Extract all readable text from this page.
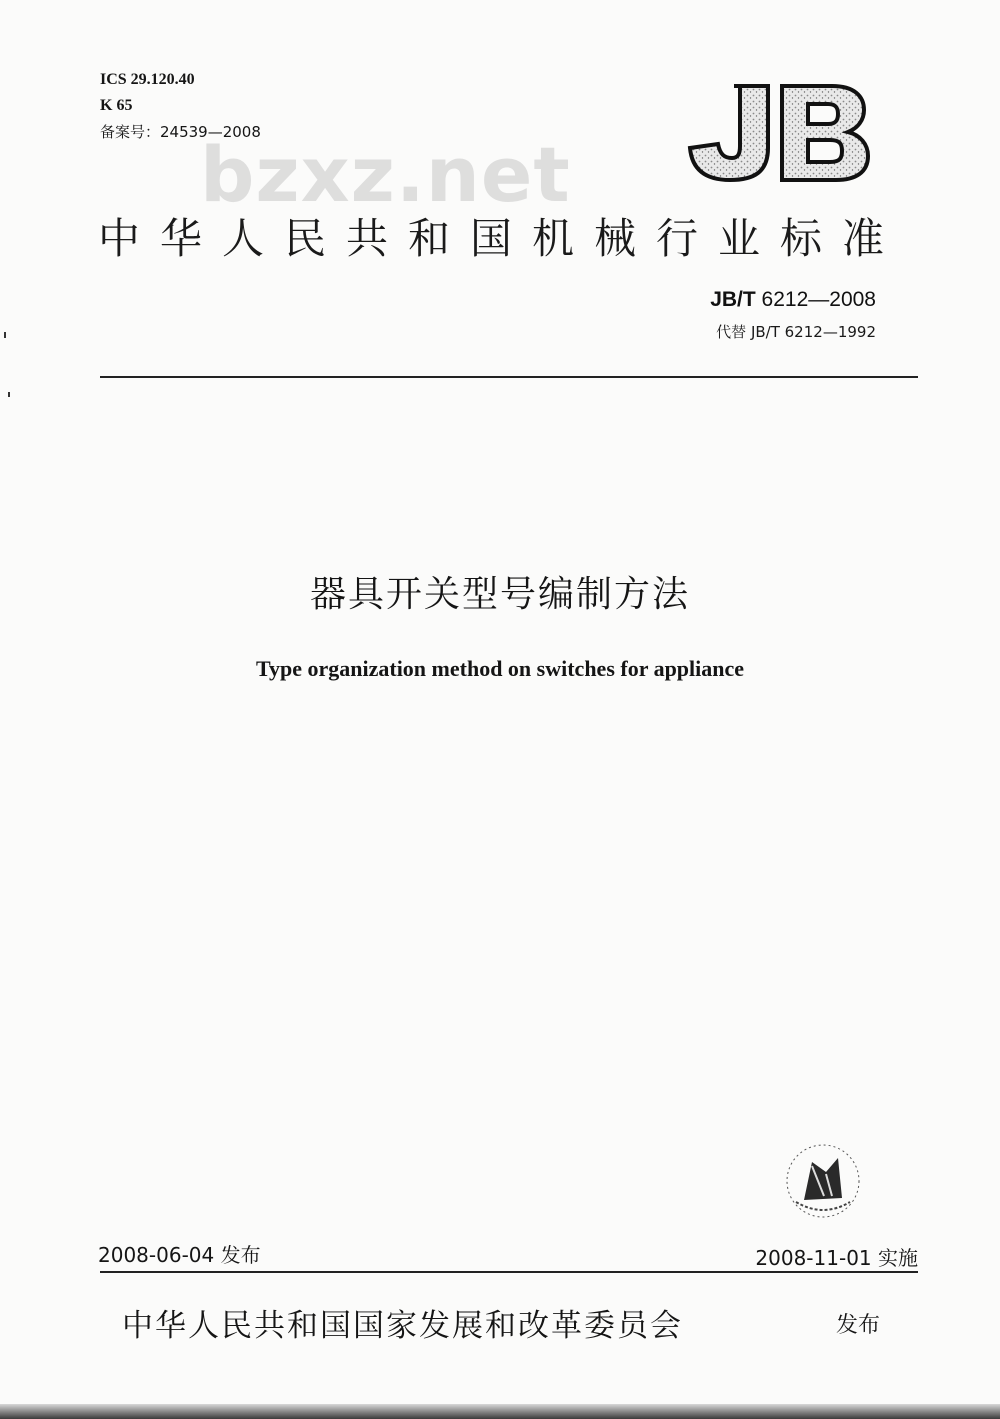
ICS 29.120.40
K 65
备案号：24539—2008
bzxz.net
中华人民共和国机械行业标准
JB/T 6212—2008
代替 JB/T 6212—1992
器具开关型号编制方法
Type organization method on switches for appliance
2008-06-04 发布	2008-11-01 实施
中华人民共和国国家发展和改革委员会	发布
